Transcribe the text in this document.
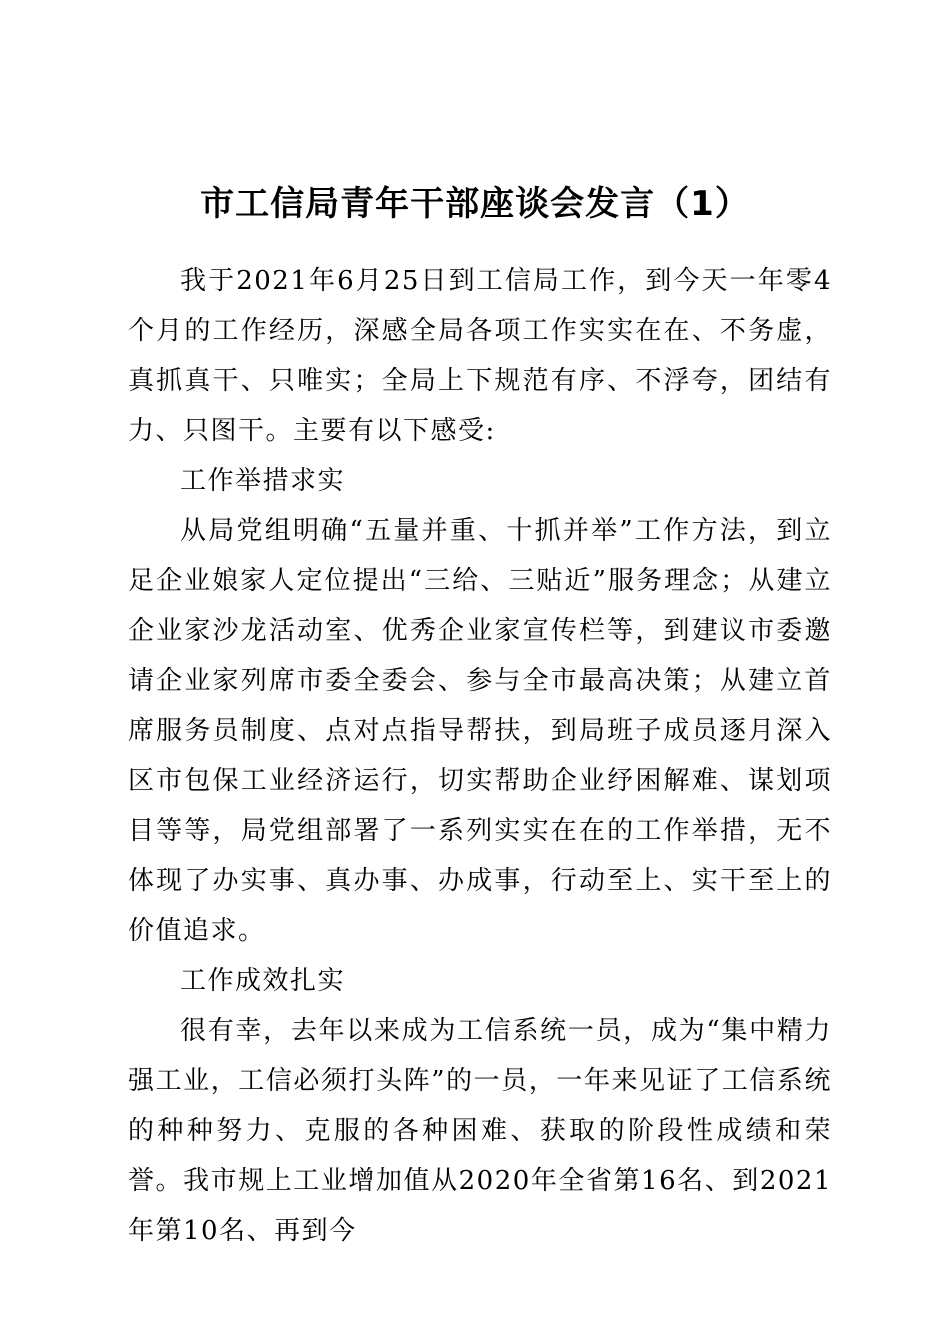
市工信局青年干部座谈会发言（1）

我于2021年6月25日到工信局工作，到今天一年零4个月的工作经历，深感全局各项工作实实在在、不务虚，真抓真干、只唯实；全局上下规范有序、不浮夸，团结有力、只图干。主要有以下感受:

工作举措求实

从局党组明确“五量并重、十抓并举”工作方法，到立足企业娘家人定位提出“三给、三贴近”服务理念；从建立企业家沙龙活动室、优秀企业家宣传栏等，到建议市委邀请企业家列席市委全委会、参与全市最高决策；从建立首席服务员制度、点对点指导帮扶，到局班子成员逐月深入区市包保工业经济运行，切实帮助企业纾困解难、谋划项目等等，局党组部署了一系列实实在在的工作举措，无不体现了办实事、真办事、办成事，行动至上、实干至上的价值追求。

工作成效扎实

很有幸，去年以来成为工信系统一员，成为“集中精力强工业，工信必须打头阵”的一员，一年来见证了工信系统的种种努力、克服的各种困难、获取的阶段性成绩和荣誉。我市规上工业增加值从2020年全省第16名、到2021年第10名、再到今
